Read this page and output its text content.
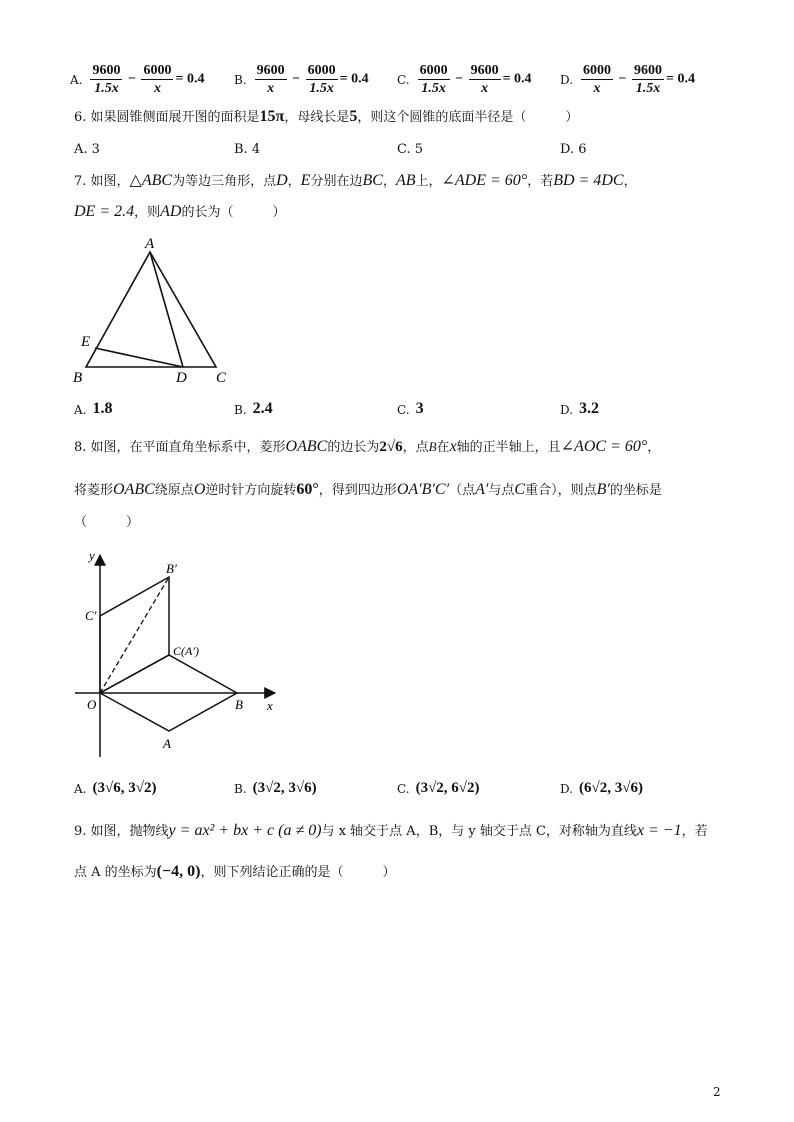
A. $\frac{9600}{1.5x} - \frac{6000}{x} = 0.4$ B. $\frac{9600}{x} - \frac{6000}{1.5x} = 0.4$ C. $\frac{6000}{1.5x} - \frac{9600}{x} = 0.4$ D. $\frac{6000}{x} - \frac{9600}{1.5x} = 0.4$
6. 如果圆锥侧面展开图的面积是15π，母线长是5，则这个圆锥的底面半径是（　　　）
A. 3	B. 4	C. 5	D. 6
7. 如图，△ABC为等边三角形，点D，E分别在边BC，AB上，∠ADE = 60°，若BD = 4DC，
DE = 2.4，则AD的长为（　　　）
A
E
B	D C
A. 1.8	B. 2.4	C. 3	D. 3.2
8. 如图，在平面直角坐标系中，菱形OABC的边长为2√6，点B在x轴的正半轴上，且∠AOC = 60°，
将菱形OABC绕原点O逆时针方向旋转60°，得到四边形OA′B′C′（点A′与点C重合），则点B′的坐标是
（　　　）
y
x
O
A
B
C(A′)
B′
C′
A. (3√6, 3√2)	B. (3√2, 3√6)	C. (3√2, 6√2)	D. (6√2, 3√6)
9. 如图，抛物线y = ax² + bx + c (a ≠ 0)与 x 轴交于点 A，B，与 y 轴交于点 C，对称轴为直线x = −1，若
点 A 的坐标为(−4, 0)，则下列结论正确的是（　　　）
2
